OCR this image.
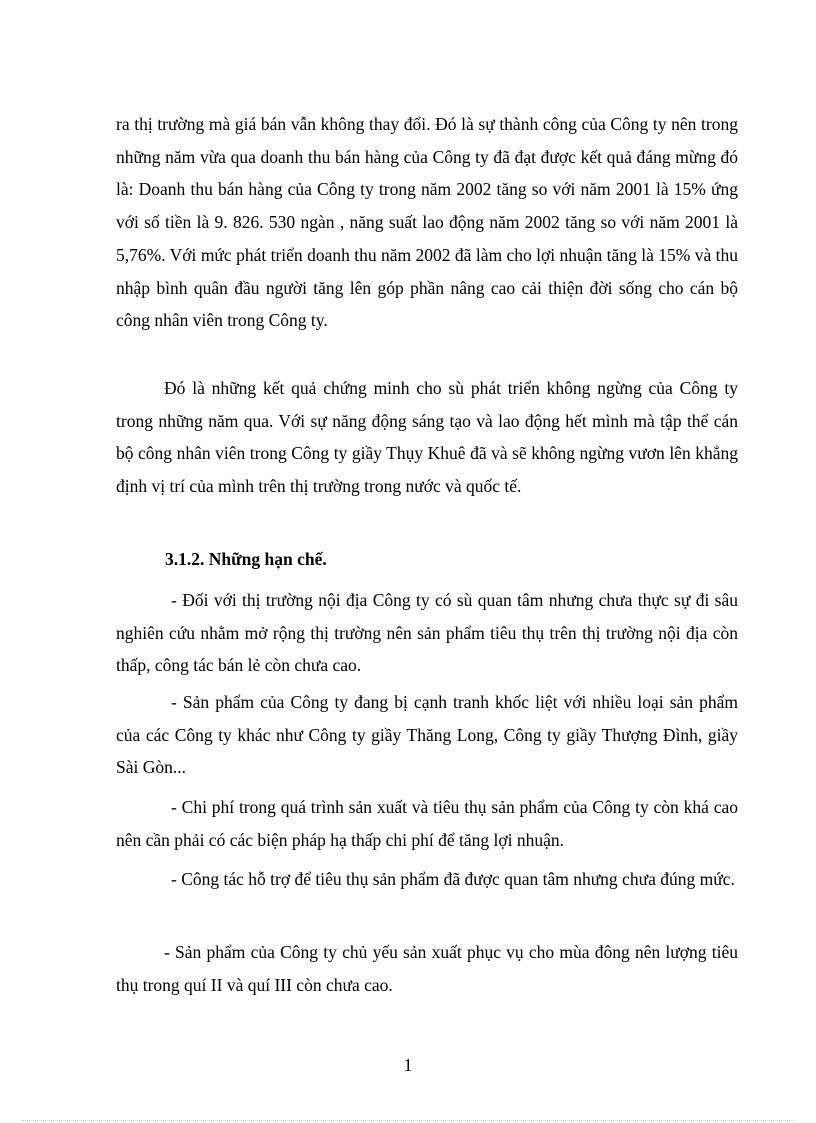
ra thị trường mà giá bán vẫn không thay đổi. Đó là sự thành công của Công ty nên trong những năm vừa qua doanh thu bán hàng của Công ty đã đạt được kết quả đáng mừng đó là: Doanh thu bán hàng của Công ty trong năm 2002 tăng so với năm 2001 là 15% ứng với số tiền là 9. 826. 530 ngàn , năng suất lao động năm 2002 tăng so với năm 2001 là 5,76%. Với mức phát triển doanh thu năm 2002 đã làm cho lợi nhuận tăng là 15% và thu nhập bình quân đầu người tăng lên góp phần nâng cao cải thiện đời sống cho cán bộ công nhân viên trong Công ty.

Đó là những kết quả chứng minh cho sù phát triển không ngừng của Công ty trong những năm qua. Với sự năng động sáng tạo và lao động hết mình mà tập thể cán bộ công nhân viên trong Công ty giầy Thụy Khuê đã và sẽ không ngừng vươn lên khẳng định vị trí của mình trên thị trường trong nước và quốc tế.

3.1.2. Những hạn chế.

- Đối với thị trường nội địa Công ty có sù quan tâm nhưng chưa thực sự đi sâu nghiên cứu nhằm mở rộng thị trường nên sản phẩm tiêu thụ trên thị trường nội địa còn thấp, công tác bán lẻ còn chưa cao.

- Sản phẩm của Công ty đang bị cạnh tranh khốc liệt với nhiều loại sản phẩm của các Công ty khác như Công ty giầy Thăng Long, Công ty giầy Thượng Đình, giầy Sài Gòn...

- Chi phí trong quá trình sản xuất và tiêu thụ sản phẩm của Công ty còn khá cao nên cần phải có các biện pháp hạ thấp chi phí để tăng lợi nhuận.

- Công tác hỗ trợ để tiêu thụ sản phẩm đã được quan tâm nhưng chưa đúng mức.

- Sản phẩm của Công ty chủ yếu sản xuất phục vụ cho mùa đông nên lượng tiêu thụ trong quí II và quí III còn chưa cao.

1
